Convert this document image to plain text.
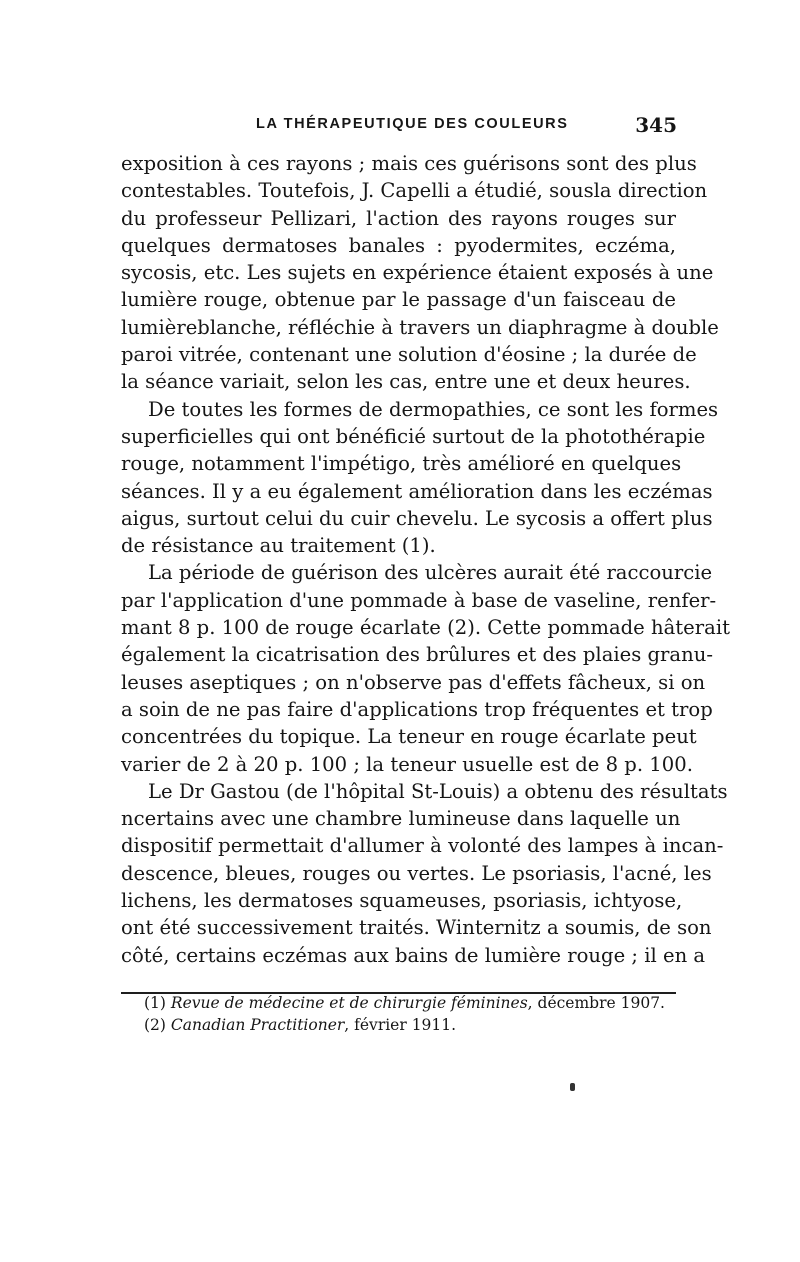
LA THÉRAPEUTIQUE DES COULEURS	345
exposition à ces rayons ; mais ces guérisons sont des plus
contestables. Toutefois, J. Capelli a étudié, sousla direction
du professeur Pellizari, l'action des rayons rouges sur
quelques dermatoses banales : pyodermites, eczéma,
sycosis, etc. Les sujets en expérience étaient exposés à une
lumière rouge, obtenue par le passage d'un faisceau de
lumièreblanche, réfléchie à travers un diaphragme à double
paroi vitrée, contenant une solution d'éosine ; la durée de
la séance variait, selon les cas, entre une et deux heures.
De toutes les formes de dermopathies, ce sont les formes
superficielles qui ont bénéficié surtout de la photothérapie
rouge, notamment l'impétigo, très amélioré en quelques
séances. Il y a eu également amélioration dans les eczémas
aigus, surtout celui du cuir chevelu. Le sycosis a offert plus
de résistance au traitement (1).
La période de guérison des ulcères aurait été raccourcie
par l'application d'une pommade à base de vaseline, renfer-
mant 8 p. 100 de rouge écarlate (2). Cette pommade hâterait
également la cicatrisation des brûlures et des plaies granu-
leuses aseptiques ; on n'observe pas d'effets fâcheux, si on
a soin de ne pas faire d'applications trop fréquentes et trop
concentrées du topique. La teneur en rouge écarlate peut
varier de 2 à 20 p. 100 ; la teneur usuelle est de 8 p. 100.
Le Dr Gastou (de l'hôpital St-Louis) a obtenu des résultats
ncertains avec une chambre lumineuse dans laquelle un
dispositif permettait d'allumer à volonté des lampes à incan-
descence, bleues, rouges ou vertes. Le psoriasis, l'acné, les
lichens, les dermatoses squameuses, psoriasis, ichtyose,
ont été successivement traités. Winternitz a soumis, de son
côté, certains eczémas aux bains de lumière rouge ; il en a
(1) Revue de médecine et de chirurgie féminines, décembre 1907.
(2) Canadian Practitioner, février 1911.
